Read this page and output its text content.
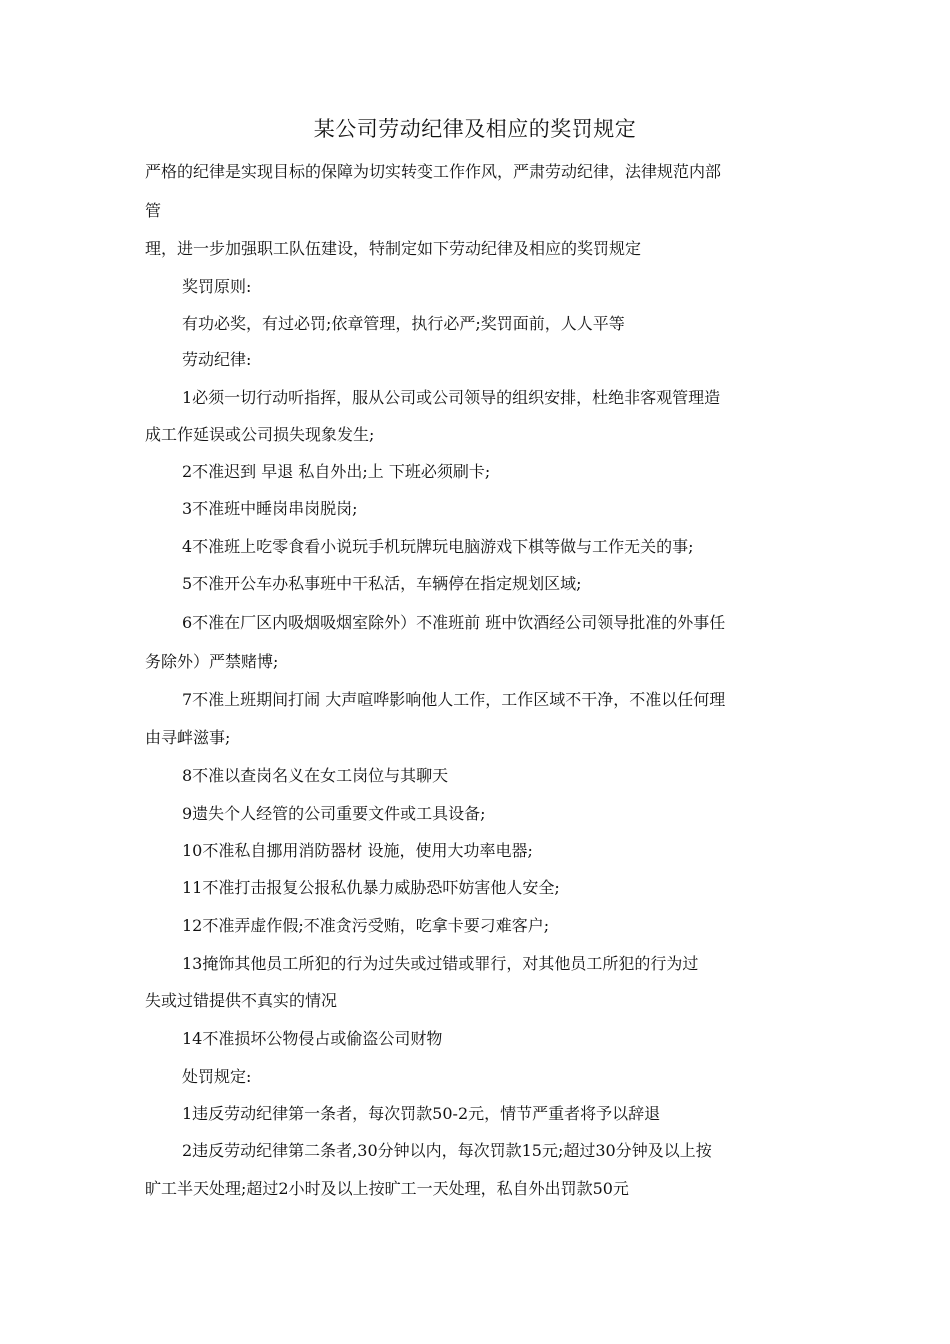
某公司劳动纪律及相应的奖罚规定
严格的纪律是实现目标的保障为切实转变工作作风，严肃劳动纪律，法律规范内部
管
理，进一步加强职工队伍建设，特制定如下劳动纪律及相应的奖罚规定
奖罚原则:
有功必奖，有过必罚;依章管理，执行必严;奖罚面前，人人平等
劳动纪律:
1必须一切行动听指挥，服从公司或公司领导的组织安排，杜绝非客观管理造
成工作延误或公司损失现象发生;
2不准迟到 早退 私自外出;上 下班必须刷卡;
3不准班中睡岗串岗脱岗;
4不准班上吃零食看小说玩手机玩牌玩电脑游戏下棋等做与工作无关的事;
5不准开公车办私事班中干私活，车辆停在指定规划区域;
6不准在厂区内吸烟吸烟室除外）不准班前 班中饮酒经公司领导批准的外事任
务除外）严禁赌博;
7不准上班期间打闹 大声喧哗影响他人工作，工作区域不干净，不准以任何理
由寻衅滋事;
8不准以查岗名义在女工岗位与其聊天
9遗失个人经管的公司重要文件或工具设备;
10不准私自挪用消防器材 设施，使用大功率电器;
11不准打击报复公报私仇暴力威胁恐吓妨害他人安全;
12不准弄虚作假;不准贪污受贿，吃拿卡要刁难客户;
13掩饰其他员工所犯的行为过失或过错或罪行，对其他员工所犯的行为过
失或过错提供不真实的情况
14不准损坏公物侵占或偷盗公司财物
处罚规定:
1违反劳动纪律第一条者，每次罚款50-2元，情节严重者将予以辞退
2违反劳动纪律第二条者,30分钟以内，每次罚款15元;超过30分钟及以上按
旷工半天处理;超过2小时及以上按旷工一天处理，私自外出罚款50元
